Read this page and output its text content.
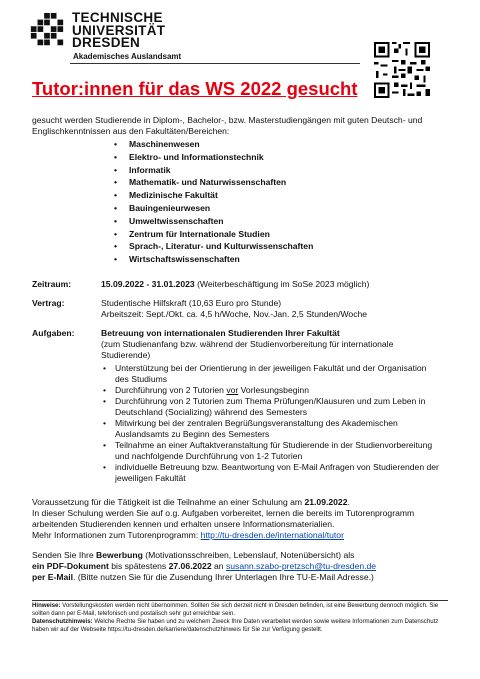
TECHNISCHE
UNIVERSITÄT
DRESDEN
Akademisches Auslandsamt
Tutor:innen für das WS 2022 gesucht

gesucht werden Studierende in Diplom-, Bachelor-, bzw. Masterstudiengängen mit guten Deutsch- und Englischkenntnissen aus den Fakultäten/Bereichen:

• Maschinenwesen
• Elektro- und Informationstechnik
• Informatik
• Mathematik- und Naturwissenschaften
• Medizinische Fakultät
• Bauingenieurwesen
• Umweltwissenschaften
• Zentrum für Internationale Studien
• Sprach-, Literatur- und Kulturwissenschaften
• Wirtschaftswissenschaften
Zeitraum:	15.09.2022 - 31.01.2023 (Weiterbeschäftigung im SoSe 2023 möglich)
Vertrag:	Studentische Hilfskraft (10,63 Euro pro Stunde)
Arbeitszeit: Sept./Okt. ca. 4,5 h/Woche, Nov.-Jan. 2,5 Stunden/Woche
Aufgaben:	Betreuung von internationalen Studierenden Ihrer Fakultät
(zum Studienanfang bzw. während der Studienvorbereitung für internationale Studierende)
• Unterstützung bei der Orientierung in der jeweiligen Fakultät und der Organisation des Studiums
• Durchführung von 2 Tutorien vor Vorlesungsbeginn
• Durchführung von 2 Tutorien zum Thema Prüfungen/Klausuren und zum Leben in Deutschland (Socializing) während des Semesters
• Mitwirkung bei der zentralen Begrüßungsveranstaltung des Akademischen Auslandsamts zu Beginn des Semesters
• Teilnahme an einer Auftaktveranstaltung für Studierende in der Studienvorbereitung und nachfolgende Durchführung von 1-2 Tutorien
• individuelle Betreuung bzw. Beantwortung von E-Mail Anfragen von Studierenden der jeweiligen Fakultät

Voraussetzung für die Tätigkeit ist die Teilnahme an einer Schulung am 21.09.2022.

In dieser Schulung werden Sie auf o.g. Aufgaben vorbereitet, lernen die bereits im Tutorenprogramm arbeitenden Studierenden kennen und erhalten unsere Informationsmaterialien.

Mehr Informationen zum Tutorenprogramm: http://tu-dresden.de/international/tutor

Senden Sie Ihre Bewerbung (Motivationsschreiben, Lebenslauf, Notenübersicht) als

ein PDF-Dokument bis spätestens 27.06.2022 an susann.szabo-pretzsch@tu-dresden.de

per E-Mail. (Bitte nutzen Sie für die Zusendung Ihrer Unterlagen Ihre TU-E-Mail Adresse.)

Hinweise: Vorstellungskosten werden nicht übernommen. Sollten Sie sich derzeit nicht in Dresden befinden, ist eine Bewerbung dennoch möglich. Sie sollten dann per E-Mail, telefonisch und postalisch sehr gut erreichbar sein.

Datenschutzhinweis: Welche Rechte Sie haben und zu welchem Zweck Ihre Daten verarbeitet werden sowie weitere Informationen zum Datenschutz haben wir auf der Webseite https://tu-dresden.de/karriere/datenschutzhinweis für Sie zur Verfügung gestellt.
